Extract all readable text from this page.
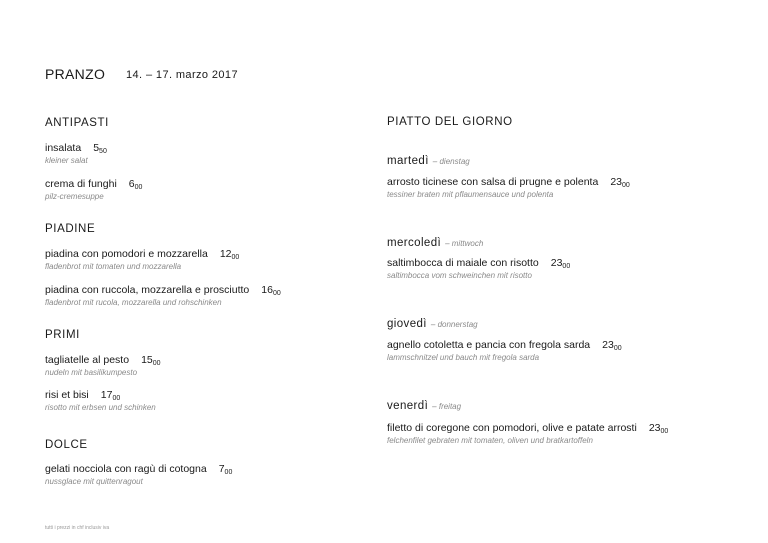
PRANZO 14. – 17. marzo 2017
ANTIPASTI
insalata $5_{50}$
kleiner salat
crema di funghi $6_{00}$
pilz-cremesuppe
PIADINE
piadina con pomodori e mozzarella $12_{00}$
fladenbrot mit tomaten und mozzarella
piadina con ruccola, mozzarella e prosciutto $16_{00}$
fladenbrot mit rucola, mozzarella und rohschinken
PRIMI
tagliatelle al pesto $15_{00}$
nudeln mit basilikumpesto
risi et bisi $17_{00}$
risotto mit erbsen und schinken
DOLCE
gelati nocciola con ragù di cotogna $7_{00}$
nussglace mit quittenragout
PIATTO DEL GIORNO
martedì – dienstag
arrosto ticinese con salsa di prugne e polenta $23_{00}$
tessiner braten mit pflaumensauce und polenta
mercoledì – mittwoch
saltimbocca di maiale con risotto $23_{00}$
saltimbocca vom schweinchen mit risotto
giovedì – donnerstag
agnello cotoletta e pancia con fregola sarda $23_{00}$
lammschnitzel und bauch mit fregola sarda
venerdì – freitag
filetto di coregone con pomodori, olive e patate arrosti $23_{00}$
felchenfilet gebraten mit tomaten, oliven und bratkartoffeln
tutti i prezzi in chf inclusiv iva
